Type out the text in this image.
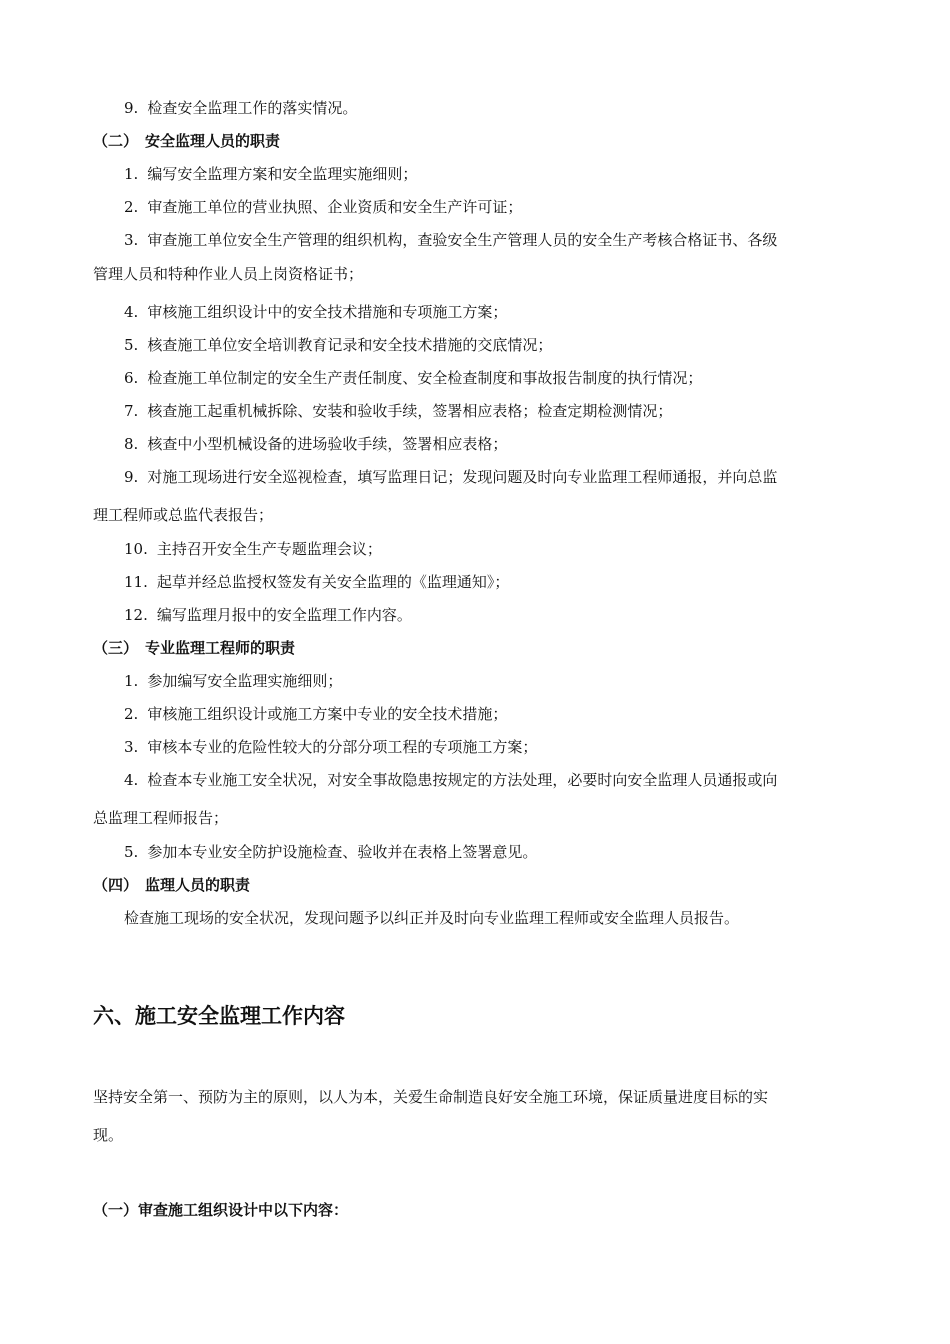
9. 检查安全监理工作的落实情况。
（二） 安全监理人员的职责
1. 编写安全监理方案和安全监理实施细则；
2. 审查施工单位的营业执照、企业资质和安全生产许可证；
3. 审查施工单位安全生产管理的组织机构，查验安全生产管理人员的安全生产考核合格证书、各级
管理人员和特种作业人员上岗资格证书；
4. 审核施工组织设计中的安全技术措施和专项施工方案；
5. 核查施工单位安全培训教育记录和安全技术措施的交底情况；
6. 检查施工单位制定的安全生产责任制度、安全检查制度和事故报告制度的执行情况；
7. 核查施工起重机械拆除、安装和验收手续，签署相应表格；检查定期检测情况；
8. 核查中小型机械设备的进场验收手续，签署相应表格；
9. 对施工现场进行安全巡视检查，填写监理日记；发现问题及时向专业监理工程师通报，并向总监
理工程师或总监代表报告；
10. 主持召开安全生产专题监理会议；
11. 起草并经总监授权签发有关安全监理的《监理通知》；
12. 编写监理月报中的安全监理工作内容。
（三） 专业监理工程师的职责
1. 参加编写安全监理实施细则；
2. 审核施工组织设计或施工方案中专业的安全技术措施；
3. 审核本专业的危险性较大的分部分项工程的专项施工方案；
4. 检查本专业施工安全状况，对安全事故隐患按规定的方法处理，必要时向安全监理人员通报或向
总监理工程师报告；
5. 参加本专业安全防护设施检查、验收并在表格上签署意见。
（四） 监理人员的职责
检查施工现场的安全状况，发现问题予以纠正并及时向专业监理工程师或安全监理人员报告。
六、施工安全监理工作内容
坚持安全第一、预防为主的原则，以人为本，关爱生命制造良好安全施工环境，保证质量进度目标的实
现。
（一）审查施工组织设计中以下内容：
